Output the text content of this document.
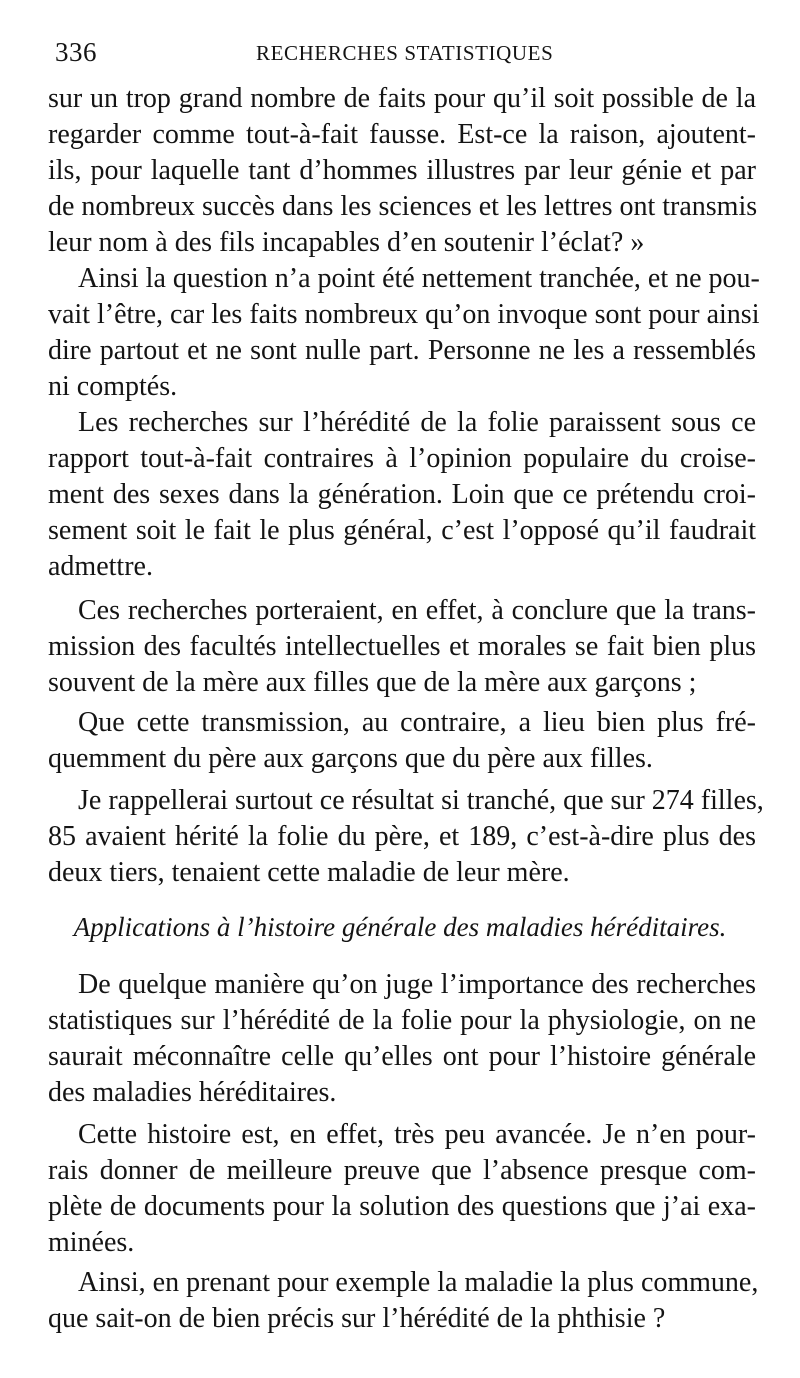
336	RECHERCHES STATISTIQUES
sur un trop grand nombre de faits pour qu’il soit possible de la
regarder comme tout-à-fait fausse. Est-ce la raison, ajoutent-
ils, pour laquelle tant d’hommes illustres par leur génie et par
de nombreux succès dans les sciences et les lettres ont transmis
leur nom à des fils incapables d’en soutenir l’éclat? »
Ainsi la question n’a point été nettement tranchée, et ne pou-
vait l’être, car les faits nombreux qu’on invoque sont pour ainsi
dire partout et ne sont nulle part. Personne ne les a ressemblés
ni comptés.
Les recherches sur l’hérédité de la folie paraissent sous ce
rapport tout-à-fait contraires à l’opinion populaire du croise-
ment des sexes dans la génération. Loin que ce prétendu croi-
sement soit le fait le plus général, c’est l’opposé qu’il faudrait
admettre.
Ces recherches porteraient, en effet, à conclure que la trans-
mission des facultés intellectuelles et morales se fait bien plus
souvent de la mère aux filles que de la mère aux garçons ;
Que cette transmission, au contraire, a lieu bien plus fré-
quemment du père aux garçons que du père aux filles.
Je rappellerai surtout ce résultat si tranché, que sur 274 filles,
85 avaient hérité la folie du père, et 189, c’est-à-dire plus des
deux tiers, tenaient cette maladie de leur mère.
Applications à l’histoire générale des maladies héréditaires.
De quelque manière qu’on juge l’importance des recherches
statistiques sur l’hérédité de la folie pour la physiologie, on ne
saurait méconnaître celle qu’elles ont pour l’histoire générale
des maladies héréditaires.
Cette histoire est, en effet, très peu avancée. Je n’en pour-
rais donner de meilleure preuve que l’absence presque com-
plète de documents pour la solution des questions que j’ai exa-
minées.
Ainsi, en prenant pour exemple la maladie la plus commune,
que sait-on de bien précis sur l’hérédité de la phthisie ?
